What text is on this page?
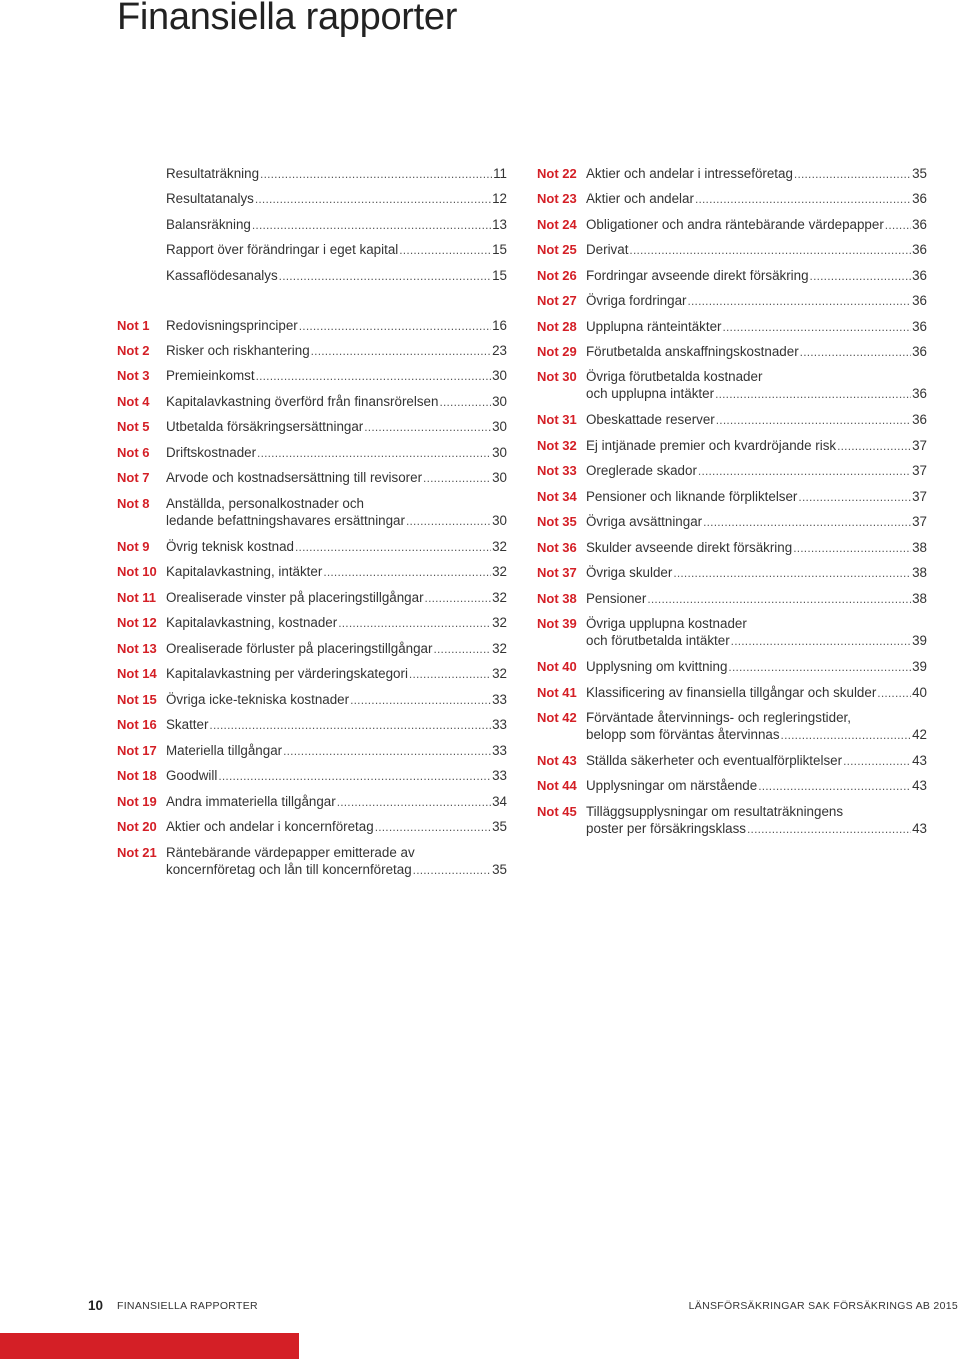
Finansiella rapporter
Resultaträkning .....	11
Resultatanalys .....	12
Balansräkning .....	13
Rapport över förändringar i eget kapital .....	15
Kassaflödesanalys .....	15
Not 1	Redovisningsprinciper .....	16
Not 2	Risker och riskhantering .....	23
Not 3	Premieinkomst .....	30
Not 4	Kapitalavkastning överförd från finansrörelsen .....	30
Not 5	Utbetalda försäkringsersättningar .....	30
Not 6	Driftskostnader .....	30
Not 7	Arvode och kostnadsersättning till revisorer .....	30
Not 8	Anställda, personalkostnader och
ledande befattningshavares ersättningar .....	30
Not 9	Övrig teknisk kostnad .....	32
Not 10 Kapitalavkastning, intäkter .....	32
Not 11 Orealiserade vinster på placeringstillgångar .....	32
Not 12 Kapitalavkastning, kostnader .....	32
Not 13 Orealiserade förluster på placeringstillgångar .....	32
Not 14 Kapitalavkastning per värderingskategori .....	32
Not 15 Övriga icke-tekniska kostnader .....	33
Not 16 Skatter .....	33
Not 17 Materiella tillgångar .....	33
Not 18 Goodwill .....	33
Not 19 Andra immateriella tillgångar .....	34
Not 20 Aktier och andelar i koncernföretag .....	35
Not 21 Räntebärande värdepapper emitterade av
koncernföretag och lån till koncernföretag .....	35
Not 22 Aktier och andelar i intresseföretag .....	35
Not 23 Aktier och andelar .....	36
Not 24 Obligationer och andra räntebärande värdepapper ..... 36
Not 25 Derivat .....	36
Not 26 Fordringar avseende direkt försäkring .....	36
Not 27 Övriga fordringar .....	36
Not 28 Upplupna ränteintäkter .....	36
Not 29 Förutbetalda anskaffningskostnader .....	36
Not 30 Övriga förutbetalda kostnader
och upplupna intäkter .....	36
Not 31 Obeskattade reserver .....	36
Not 32 Ej intjänade premier och kvardröjande risk .....	37
Not 33 Oreglerade skador .....	37
Not 34 Pensioner och liknande förpliktelser .....	37
Not 35 Övriga avsättningar .....	37
Not 36 Skulder avseende direkt försäkring .....	38
Not 37 Övriga skulder .....	38
Not 38 Pensioner .....	38
Not 39 Övriga upplupna kostnader
och förutbetalda intäkter .....	39
Not 40 Upplysning om kvittning .....	39
Not 41 Klassificering av finansiella tillgångar och skulder .....	40
Not 42 Förväntade återvinnings- och regleringstider,
belopp som förväntas återvinnas .....	42
Not 43 Ställda säkerheter och eventualförpliktelser .....	43
Not 44 Upplysningar om närstående .....	43
Not 45 Tilläggsupplysningar om resultaträkningens
poster per försäkringsklass .....	43
10 FINANSIELLA RAPPORTER	LÄNSFÖRSÄKRINGAR SAK FÖRSÄKRINGS AB 2015
